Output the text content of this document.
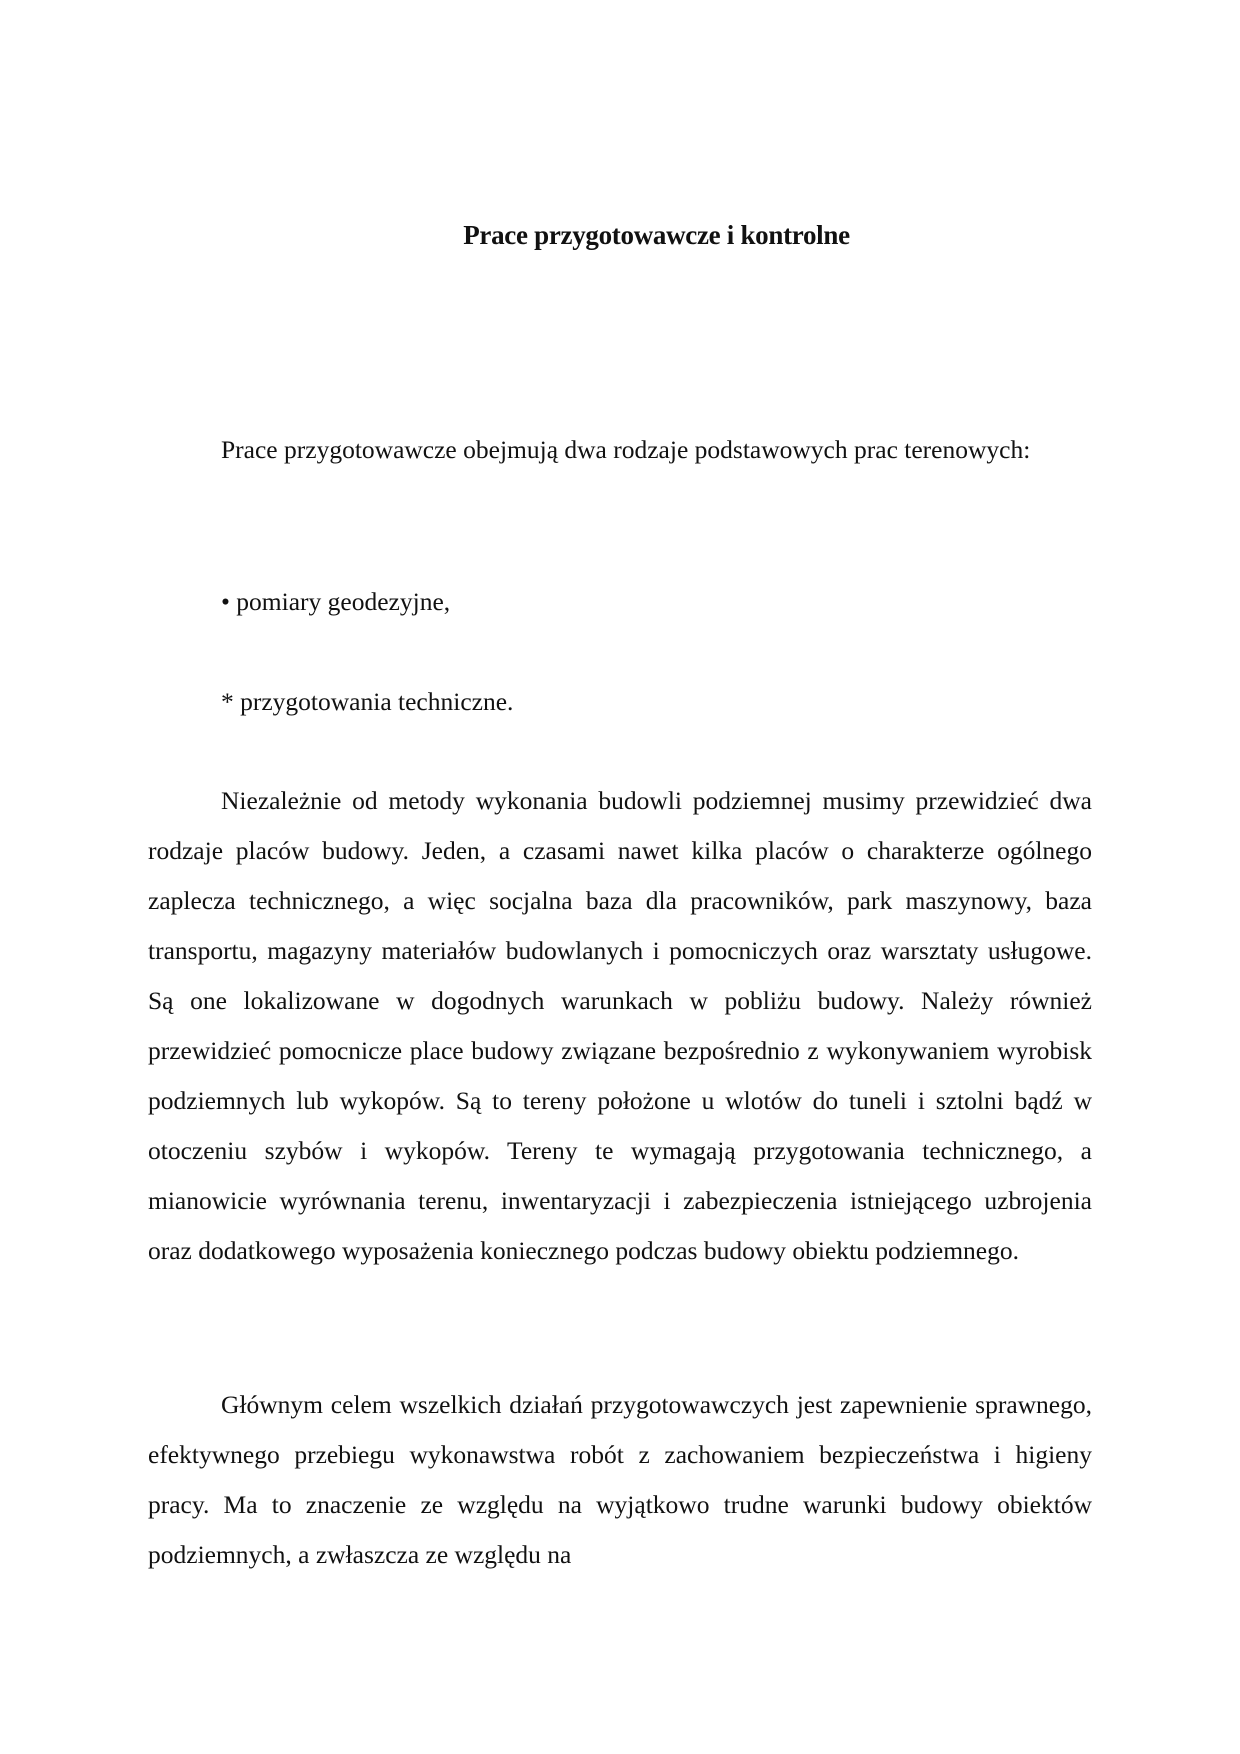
Prace przygotowawcze i kontrolne

Prace przygotowawcze obejmują dwa rodzaje podstawowych prac terenowych:

• pomiary geodezyjne,

* przygotowania techniczne.

Niezależnie od metody wykonania budowli podziemnej musimy przewidzieć dwa rodzaje placów budowy. Jeden, a czasami nawet kilka placów o charakterze ogólnego zaplecza technicznego, a więc socjalna baza dla pracowników, park maszynowy, baza transportu, magazyny materiałów budowlanych i pomocniczych oraz warsztaty usługowe. Są one lokalizowane w dogodnych warunkach w pobliżu budowy. Należy również przewidzieć pomocnicze place budowy związane bezpośrednio z wykonywaniem wyrobisk podziemnych lub wykopów. Są to tereny położone u wlotów do tuneli i sztolni bądź w otoczeniu szybów i wykopów. Tereny te wymagają przygotowania technicznego, a mianowicie wyrównania terenu, inwentaryzacji i zabezpieczenia istniejącego uzbrojenia oraz dodatkowego wyposażenia koniecznego podczas budowy obiektu podziemnego.

Głównym celem wszelkich działań przygotowawczych jest zapewnienie sprawnego, efektywnego przebiegu wykonawstwa robót z zachowaniem bezpieczeństwa i higieny pracy. Ma to znaczenie ze względu na wyjątkowo trudne warunki budowy obiektów podziemnych, a zwłaszcza ze względu na
